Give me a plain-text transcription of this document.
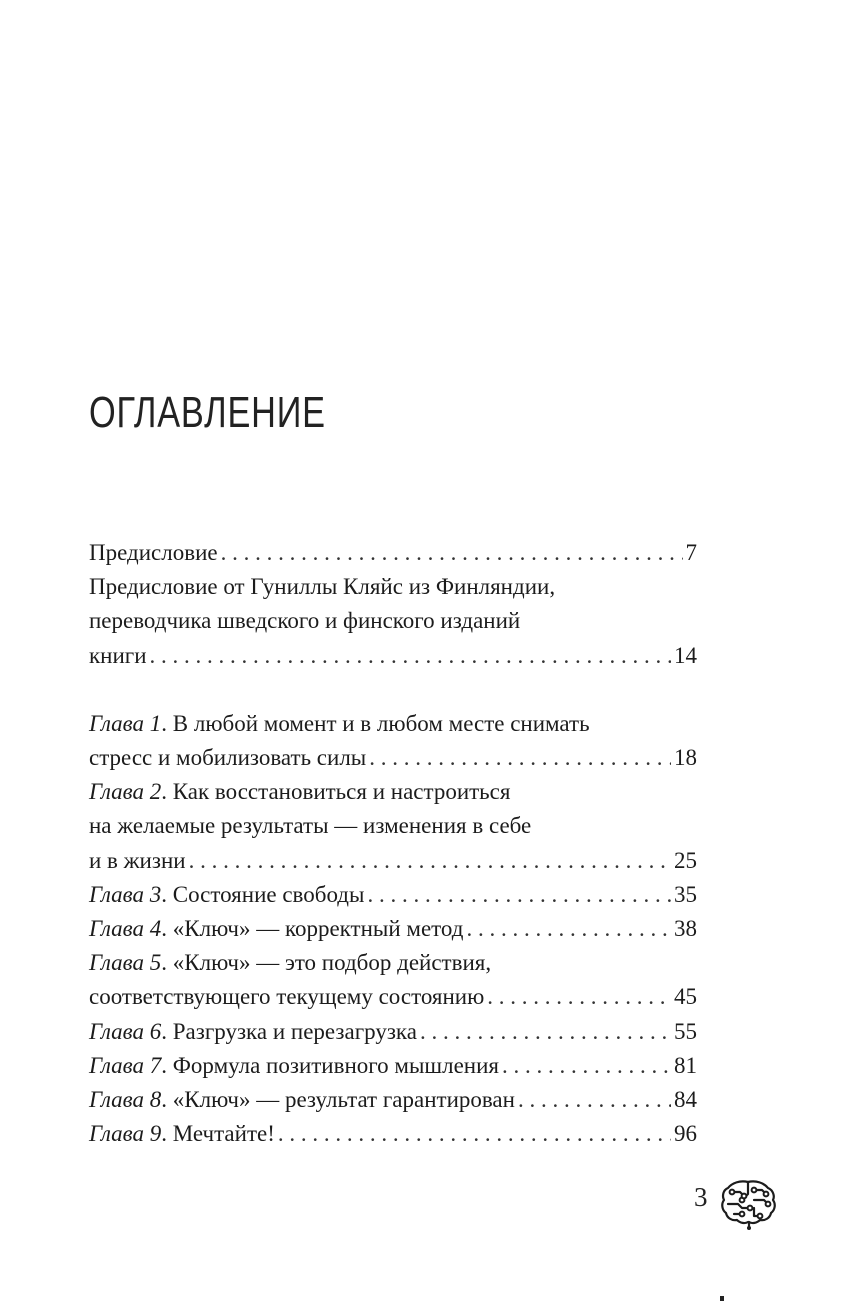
ОГЛАВЛЕНИЕ
Предисловие . . .	7
Предисловие от Гуниллы Кляйс из Финляндии,
переводчика шведского и финского изданий
книги . . .	14
Глава 1. В любой момент и в любом месте снимать
стресс и мобилизовать силы . . .	18
Глава 2. Как восстановиться и настроиться
на желаемые результаты — изменения в себе
и в жизни . . .	25
Глава 3. Состояние свободы . . .	35
Глава 4. «Ключ» — корректный метод . . .	38
Глава 5. «Ключ» — это подбор действия,
соответствующего текущему состоянию . . .	45
Глава 6. Разгрузка и перезагрузка . . .	55
Глава 7. Формула позитивного мышления . . .	81
Глава 8. «Ключ» — результат гарантирован . . .	84
Глава 9. Мечтайте! . . .	96
3
